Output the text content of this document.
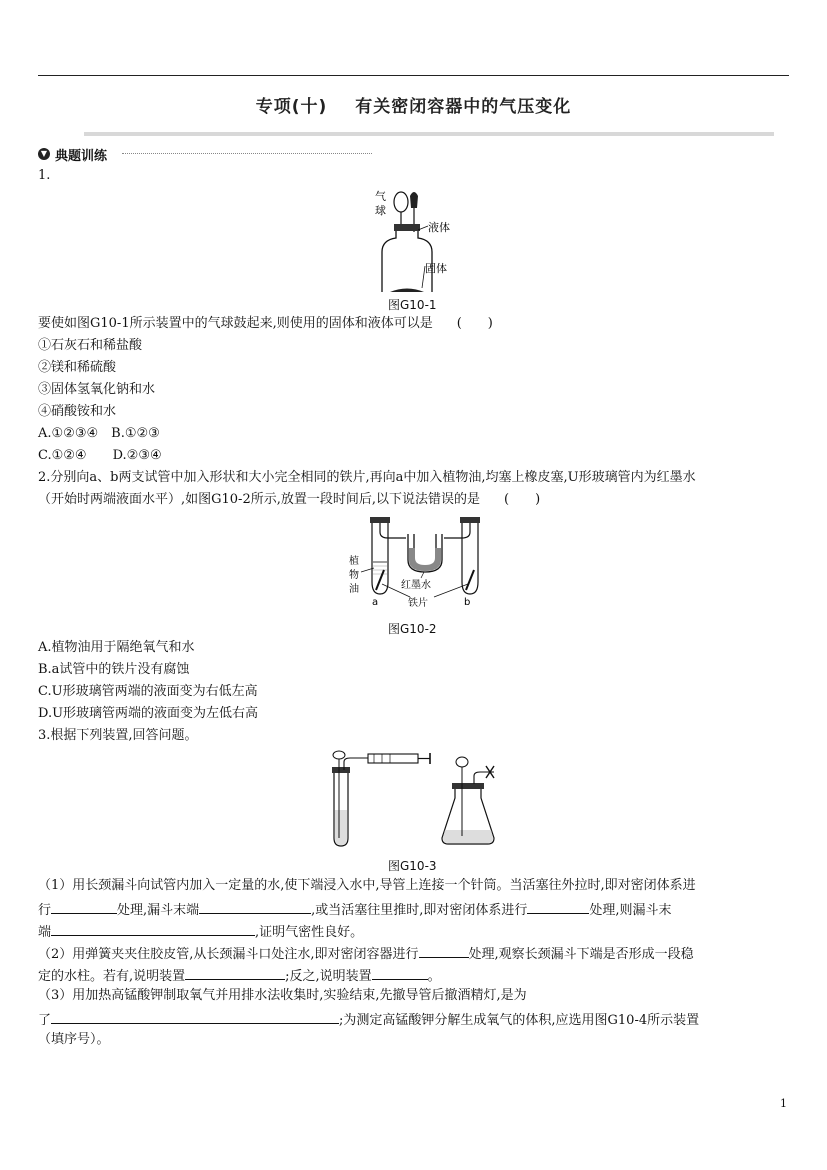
专项(十) 有关密闭容器中的气压变化
▼ 典题训练
1.
气
球
液体
固体
图G10-1
要使如图G10-1所示装置中的气球鼓起来,则使用的固体和液体可以是 (　　)
①石灰石和稀盐酸
②镁和稀硫酸
③固体氢氧化钠和水
④硝酸铵和水
A.①②③④　B.①②③
C.①②④　　D.②③④
2.分别向a、b两支试管中加入形状和大小完全相同的铁片,再向a中加入植物油,均塞上橡皮塞,U形玻璃管内为红墨水
（开始时两端液面水平）,如图G10-2所示,放置一段时间后,以下说法错误的是 (　　)
植
物
油	红墨水
铁片
a	b
图G10-2
A.植物油用于隔绝氧气和水
B.a试管中的铁片没有腐蚀
C.U形玻璃管两端的液面变为右低左高
D.U形玻璃管两端的液面变为左低右高
3.根据下列装置,回答问题。
图G10-3
（1）用长颈漏斗向试管内加入一定量的水,使下端浸入水中,导管上连接一个针筒。当活塞往外拉时,即对密闭体系进
行	处理,漏斗末端	,或当活塞往里推时,即对密闭体系进行	处理,则漏斗末
端	,证明气密性良好。
（2）用弹簧夹夹住胶皮管,从长颈漏斗口处注水,即对密闭容器进行	处理,观察长颈漏斗下端是否形成一段稳
定的水柱。若有,说明装置	;反之,说明装置	。
（3）用加热高锰酸钾制取氧气并用排水法收集时,实验结束,先撤导管后撤酒精灯,是为
了	;为测定高锰酸钾分解生成氧气的体积,应选用图G10-4所示装置
（填序号）。
1
